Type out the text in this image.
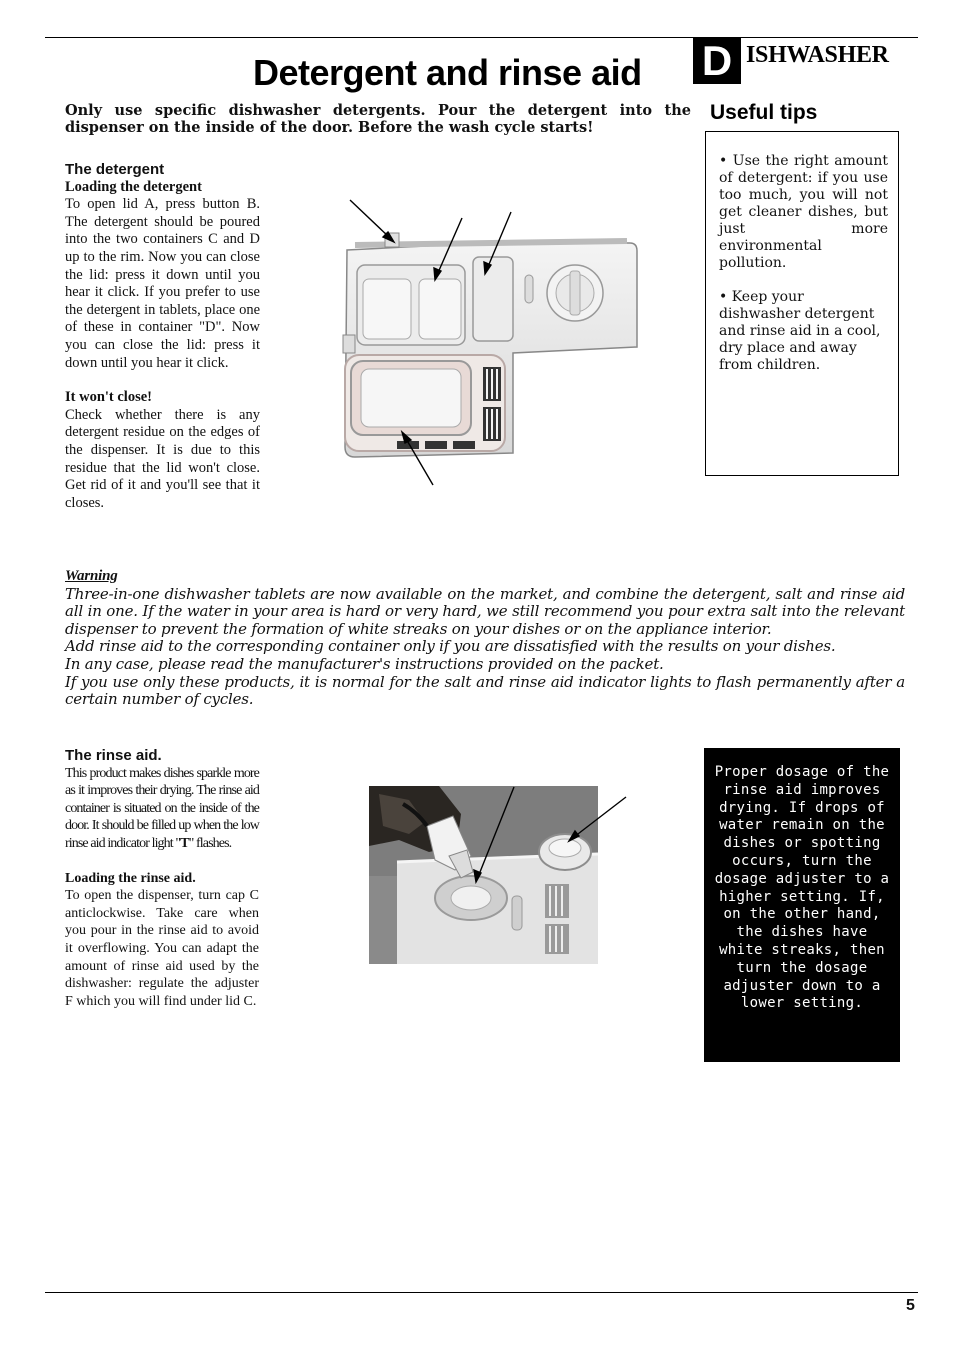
Detergent and rinse aid D ISHWASHER
Only use specific dishwasher detergents. Pour the detergent into the dispenser on the inside of the door. Before the wash cycle starts!
Useful tips

• Use the right amount of detergent: if you use too much, you will not get cleaner dishes, but just more environmental pollution.

• Keep your dishwasher detergent and rinse aid in a cool, dry place and away from children.

The detergent

Loading the detergent

To open lid A, press button B. The detergent should be poured into the two containers C and D up to the rim. Now you can close the lid: press it down until you hear it click. If you prefer to use the detergent in tablets, place one of these in container "D". Now you can close the lid: press it down until you hear it click.

It won't close!

Check whether there is any detergent residue on the edges of the dispenser. It is due to this residue that the lid won't close. Get rid of it and you'll see that it closes.

Warning

Three-in-one dishwasher tablets are now available on the market, and combine the detergent, salt and rinse aid all in one. If the water in your area is hard or very hard, we still recommend you pour extra salt into the relevant dispenser to prevent the formation of white streaks on your dishes or on the appliance interior.

Add rinse aid to the corresponding container only if you are dissatisfied with the results on your dishes.

In any case, please read the manufacturer's instructions provided on the packet.

If you use only these products, it is normal for the salt and rinse aid indicator lights to flash permanently after a certain number of cycles.

The rinse aid.

This product makes dishes sparkle more as it improves their drying. The rinse aid container is situated on the inside of the door. It should be filled up when the low rinse aid indicator light "T" flashes.

Loading the rinse aid.

To open the dispenser, turn cap C anticlockwise. Take care when you pour in the rinse aid to avoid it overflowing. You can adapt the amount of rinse aid used by the dishwasher: regulate the adjuster F which you will find under lid C.

Proper dosage of the rinse aid improves drying. If drops of water remain on the dishes or spotting occurs, turn the dosage adjuster to a higher setting. If, on the other hand, the dishes have white streaks, then turn the dosage adjuster down to a lower setting.
5
